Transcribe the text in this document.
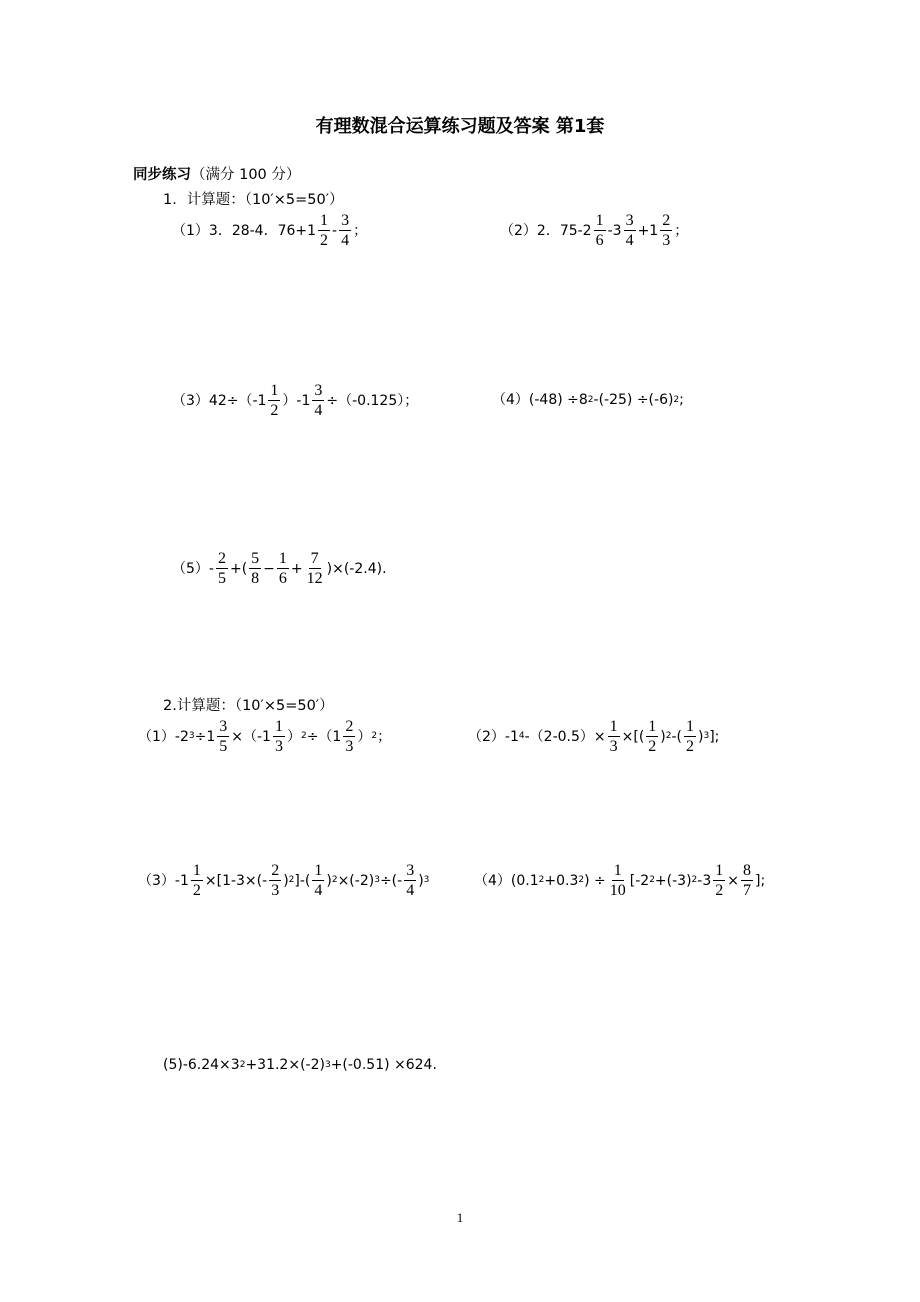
有理数混合运算练习题及答案 第1套
同步练习（满分 100 分）
1．计算题：（10′×5=50′）
（1）3．28-4．$76+1 \frac{1}{2} - \frac{3}{4}$ ；	（2）2．$75-2 \frac{1}{6} -3 \frac{3}{4} +1 \frac{2}{3}$ ；
$(3)42\div(-1 \frac{1}{2} )-1 \frac{3}{4} \div(-0.125)$；	（4）(-48) ÷8 2 -(-25) ÷(-6) 2 ;
$(5)- \frac{2}{5}$ +( $\frac{5}{8} - \frac{1}{6} + \frac{7}{12} )\times(-2.4)$.
2.计算题：（10′×5=50′）
（1）-2 $3 \div 1 \frac{3}{5} \times(-1 \frac{1}{3}$ ） $2 \div(1 \frac{2}{3}$ ） 2 ；	（2）-1 4 $-(2-0.5)\times \frac{1}{3}$ ×[( $\frac{1}{2}$ ) 2 -( $\frac{1}{2}$ ) 3 ];
$(3)-1 \frac{1}{2} \times[1-3\times(- \frac{2}{3}$ ) 2 ]-( $\frac{1}{4}$ ) 2 ×(-2) 3 ÷(- $\frac{3}{4}$ ) 3	（4）(0.1 2 +0.3 2 ) ÷ $\frac{1}{10} [-2$ 2 +(-3) 2 $-3 \frac{1}{2} \times \frac{8}{7}$ ];
(5)-6.24×3 2 +31.2×(-2) 3 +(-0.51) ×624.
1
